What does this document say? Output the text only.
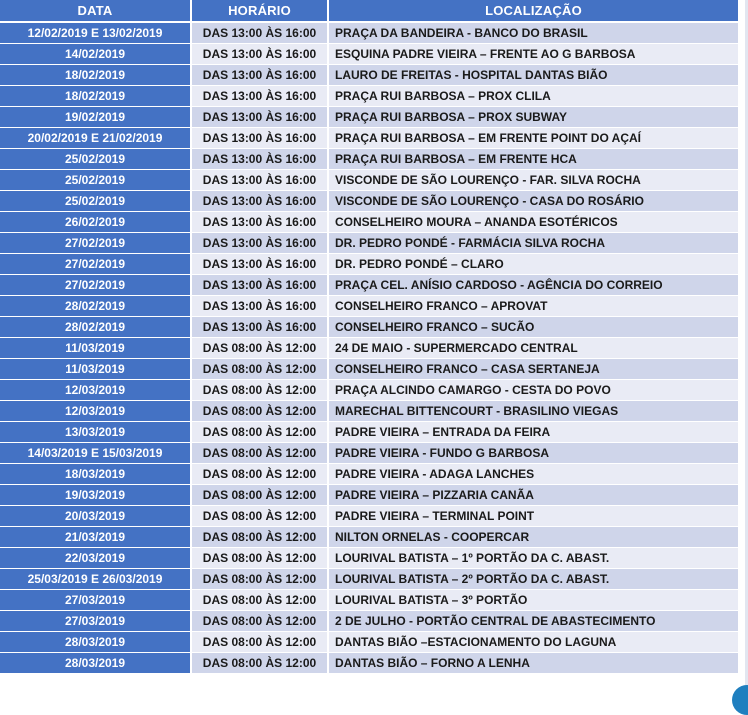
DATA	HORÁRIO	LOCALIZAÇÃO
12/02/2019 E 13/02/2019	DAS 13:00 ÀS 16:00	PRAÇA DA BANDEIRA - BANCO DO BRASIL
14/02/2019	DAS 13:00 ÀS 16:00	ESQUINA PADRE VIEIRA – FRENTE AO G BARBOSA
18/02/2019	DAS 13:00 ÀS 16:00	LAURO DE FREITAS - HOSPITAL DANTAS BIÃO
18/02/2019	DAS 13:00 ÀS 16:00	PRAÇA RUI BARBOSA – PROX CLILA
19/02/2019	DAS 13:00 ÀS 16:00	PRAÇA RUI BARBOSA – PROX SUBWAY
20/02/2019 E 21/02/2019	DAS 13:00 ÀS 16:00	PRAÇA RUI BARBOSA – EM FRENTE POINT DO AÇAÍ
25/02/2019	DAS 13:00 ÀS 16:00	PRAÇA RUI BARBOSA – EM FRENTE HCA
25/02/2019	DAS 13:00 ÀS 16:00	VISCONDE DE SÃO LOURENÇO - FAR. SILVA ROCHA
25/02/2019	DAS 13:00 ÀS 16:00	VISCONDE DE SÃO LOURENÇO - CASA DO ROSÁRIO
26/02/2019	DAS 13:00 ÀS 16:00	CONSELHEIRO MOURA – ANANDA ESOTÉRICOS
27/02/2019	DAS 13:00 ÀS 16:00	DR. PEDRO PONDÉ - FARMÁCIA SILVA ROCHA
27/02/2019	DAS 13:00 ÀS 16:00	DR. PEDRO PONDÉ – CLARO
27/02/2019	DAS 13:00 ÀS 16:00	PRAÇA CEL. ANÍSIO CARDOSO - AGÊNCIA DO CORREIO
28/02/2019	DAS 13:00 ÀS 16:00	CONSELHEIRO FRANCO – APROVAT
28/02/2019	DAS 13:00 ÀS 16:00	CONSELHEIRO FRANCO – SUCÃO
11/03/2019	DAS 08:00 ÀS 12:00	24 DE MAIO - SUPERMERCADO CENTRAL
11/03/2019	DAS 08:00 ÀS 12:00	CONSELHEIRO FRANCO – CASA SERTANEJA
12/03/2019	DAS 08:00 ÀS 12:00	PRAÇA ALCINDO CAMARGO - CESTA DO POVO
12/03/2019	DAS 08:00 ÀS 12:00	MARECHAL BITTENCOURT - BRASILINO VIEGAS
13/03/2019	DAS 08:00 ÀS 12:00	PADRE VIEIRA – ENTRADA DA FEIRA
14/03/2019 E 15/03/2019	DAS 08:00 ÀS 12:00	PADRE VIEIRA - FUNDO G BARBOSA
18/03/2019	DAS 08:00 ÀS 12:00	PADRE VIEIRA - ADAGA LANCHES
19/03/2019	DAS 08:00 ÀS 12:00	PADRE VIEIRA – PIZZARIA CANÃA
20/03/2019	DAS 08:00 ÀS 12:00	PADRE VIEIRA – TERMINAL POINT
21/03/2019	DAS 08:00 ÀS 12:00	NILTON ORNELAS - COOPERCAR
22/03/2019	DAS 08:00 ÀS 12:00	LOURIVAL BATISTA – 1º PORTÃO DA C. ABAST.
25/03/2019 E 26/03/2019	DAS 08:00 ÀS 12:00	LOURIVAL BATISTA – 2º PORTÃO DA C. ABAST.
27/03/2019	DAS 08:00 ÀS 12:00	LOURIVAL BATISTA – 3º PORTÃO
27/03/2019	DAS 08:00 ÀS 12:00	2 DE JULHO - PORTÃO CENTRAL DE ABASTECIMENTO
28/03/2019	DAS 08:00 ÀS 12:00	DANTAS BIÃO –ESTACIONAMENTO DO LAGUNA
28/03/2019	DAS 08:00 ÀS 12:00	DANTAS BIÃO – FORNO A LENHA
